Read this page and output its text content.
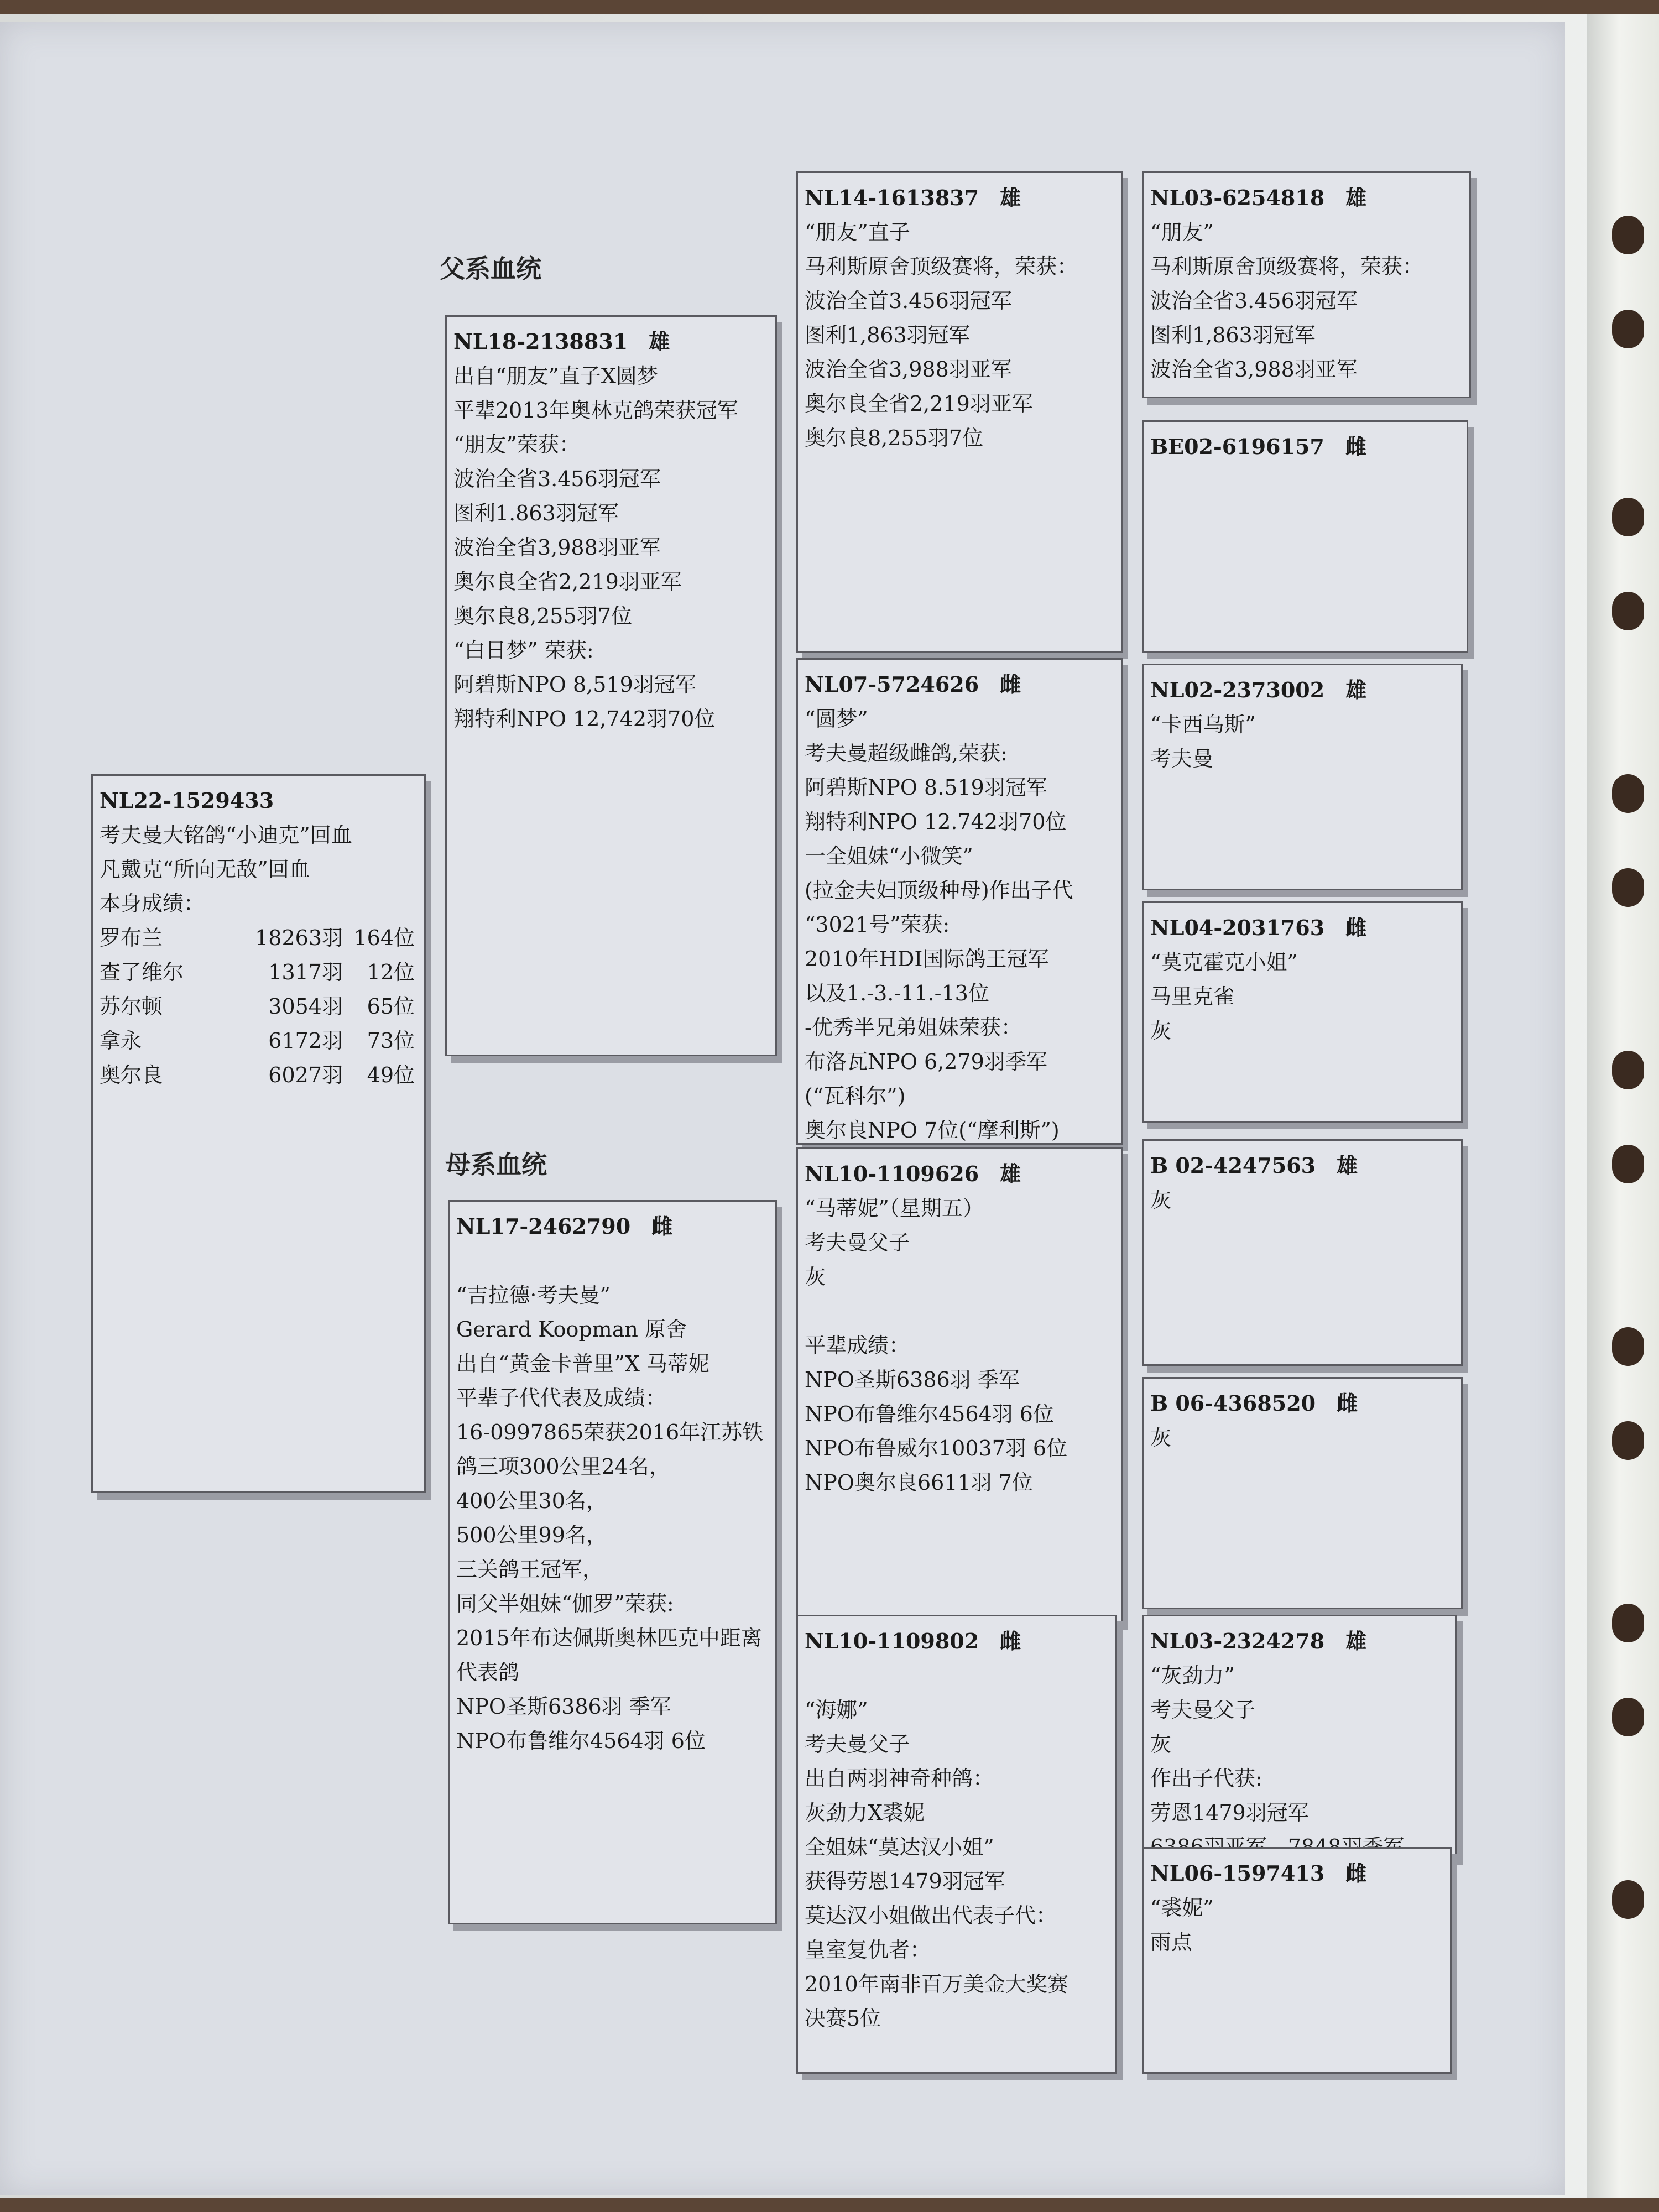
父系血统
母系血统
NL22-1529433
考夫曼大铭鸽“小迪克”回血
凡戴克“所向无敌”回血
本身成绩：
罗布兰	18263羽 164位
查了维尔	1317羽	12位
苏尔顿	3054羽	65位
拿永	6172羽	73位
奥尔良	6027羽	49位
NL18-2138831　雄
出自“朋友”直子X圆梦
平辈2013年奥林克鸽荣获冠军
“朋友”荣获：
波治全省3.456羽冠军
图利1.863羽冠军
波治全省3,988羽亚军
奥尔良全省2,219羽亚军
奥尔良8,255羽7位
“白日梦” 荣获:
阿碧斯NPO 8,519羽冠军
翔特利NPO 12,742羽70位
NL17-2462790　雌
“吉拉德·考夫曼”
Gerard Koopman 原舍
出自“黄金卡普里”X 马蒂妮
平辈子代代表及成绩：
16-0997865荣获2016年江苏铁
鸽三项300公里24名，
400公里30名，
500公里99名，
三关鸽王冠军，
同父半姐妹“伽罗”荣获:
2015年布达佩斯奥林匹克中距离
代表鸽
NPO圣斯6386羽 季军
NPO布鲁维尔4564羽 6位
NL14-1613837　雄
“朋友”直子
马利斯原舍顶级赛将，荣获：
波治全首3.456羽冠军
图利1,863羽冠军
波治全省3,988羽亚军
奥尔良全省2,219羽亚军
奥尔良8,255羽7位
NL07-5724626　雌
“圆梦”
考夫曼超级雌鸽,荣获:
阿碧斯NPO 8.519羽冠军
翔特利NPO 12.742羽70位
一全姐妹“小微笑”
(拉金夫妇顶级种母)作出子代
“3021号”荣获:
2010年HDI国际鸽王冠军
以及1.-3.-11.-13位
-优秀半兄弟姐妹荣获：
布洛瓦NPO 6,279羽季军
(“瓦科尔”)
奥尔良NPO 7位(“摩利斯”)
NL10-1109626　雄
“马蒂妮”（星期五）
考夫曼父子
灰
平辈成绩：
NPO圣斯6386羽 季军
NPO布鲁维尔4564羽 6位
NPO布鲁威尔10037羽 6位
NPO奥尔良6611羽 7位
NL10-1109802　雌
“海娜”
考夫曼父子
出自两羽神奇种鸽：
灰劲力X裘妮
全姐妹“莫达汉小姐”
获得劳恩1479羽冠军
莫达汉小姐做出代表子代：
皇室复仇者：
2010年南非百万美金大奖赛
决赛5位
NL03-6254818　雄
“朋友”
马利斯原舍顶级赛将，荣获：
波治全省3.456羽冠军
图利1,863羽冠军
波治全省3,988羽亚军
BE02-6196157　雌
NL02-2373002　雄
“卡西乌斯”
考夫曼
NL04-2031763　雌
“莫克霍克小姐”
马里克雀
灰
B 02-4247563　雄
灰
B 06-4368520　雌
灰
NL03-2324278　雄
“灰劲力”
考夫曼父子
灰
作出子代获:
劳恩1479羽冠军
NL06-1597413　雌
“裘妮”
雨点
